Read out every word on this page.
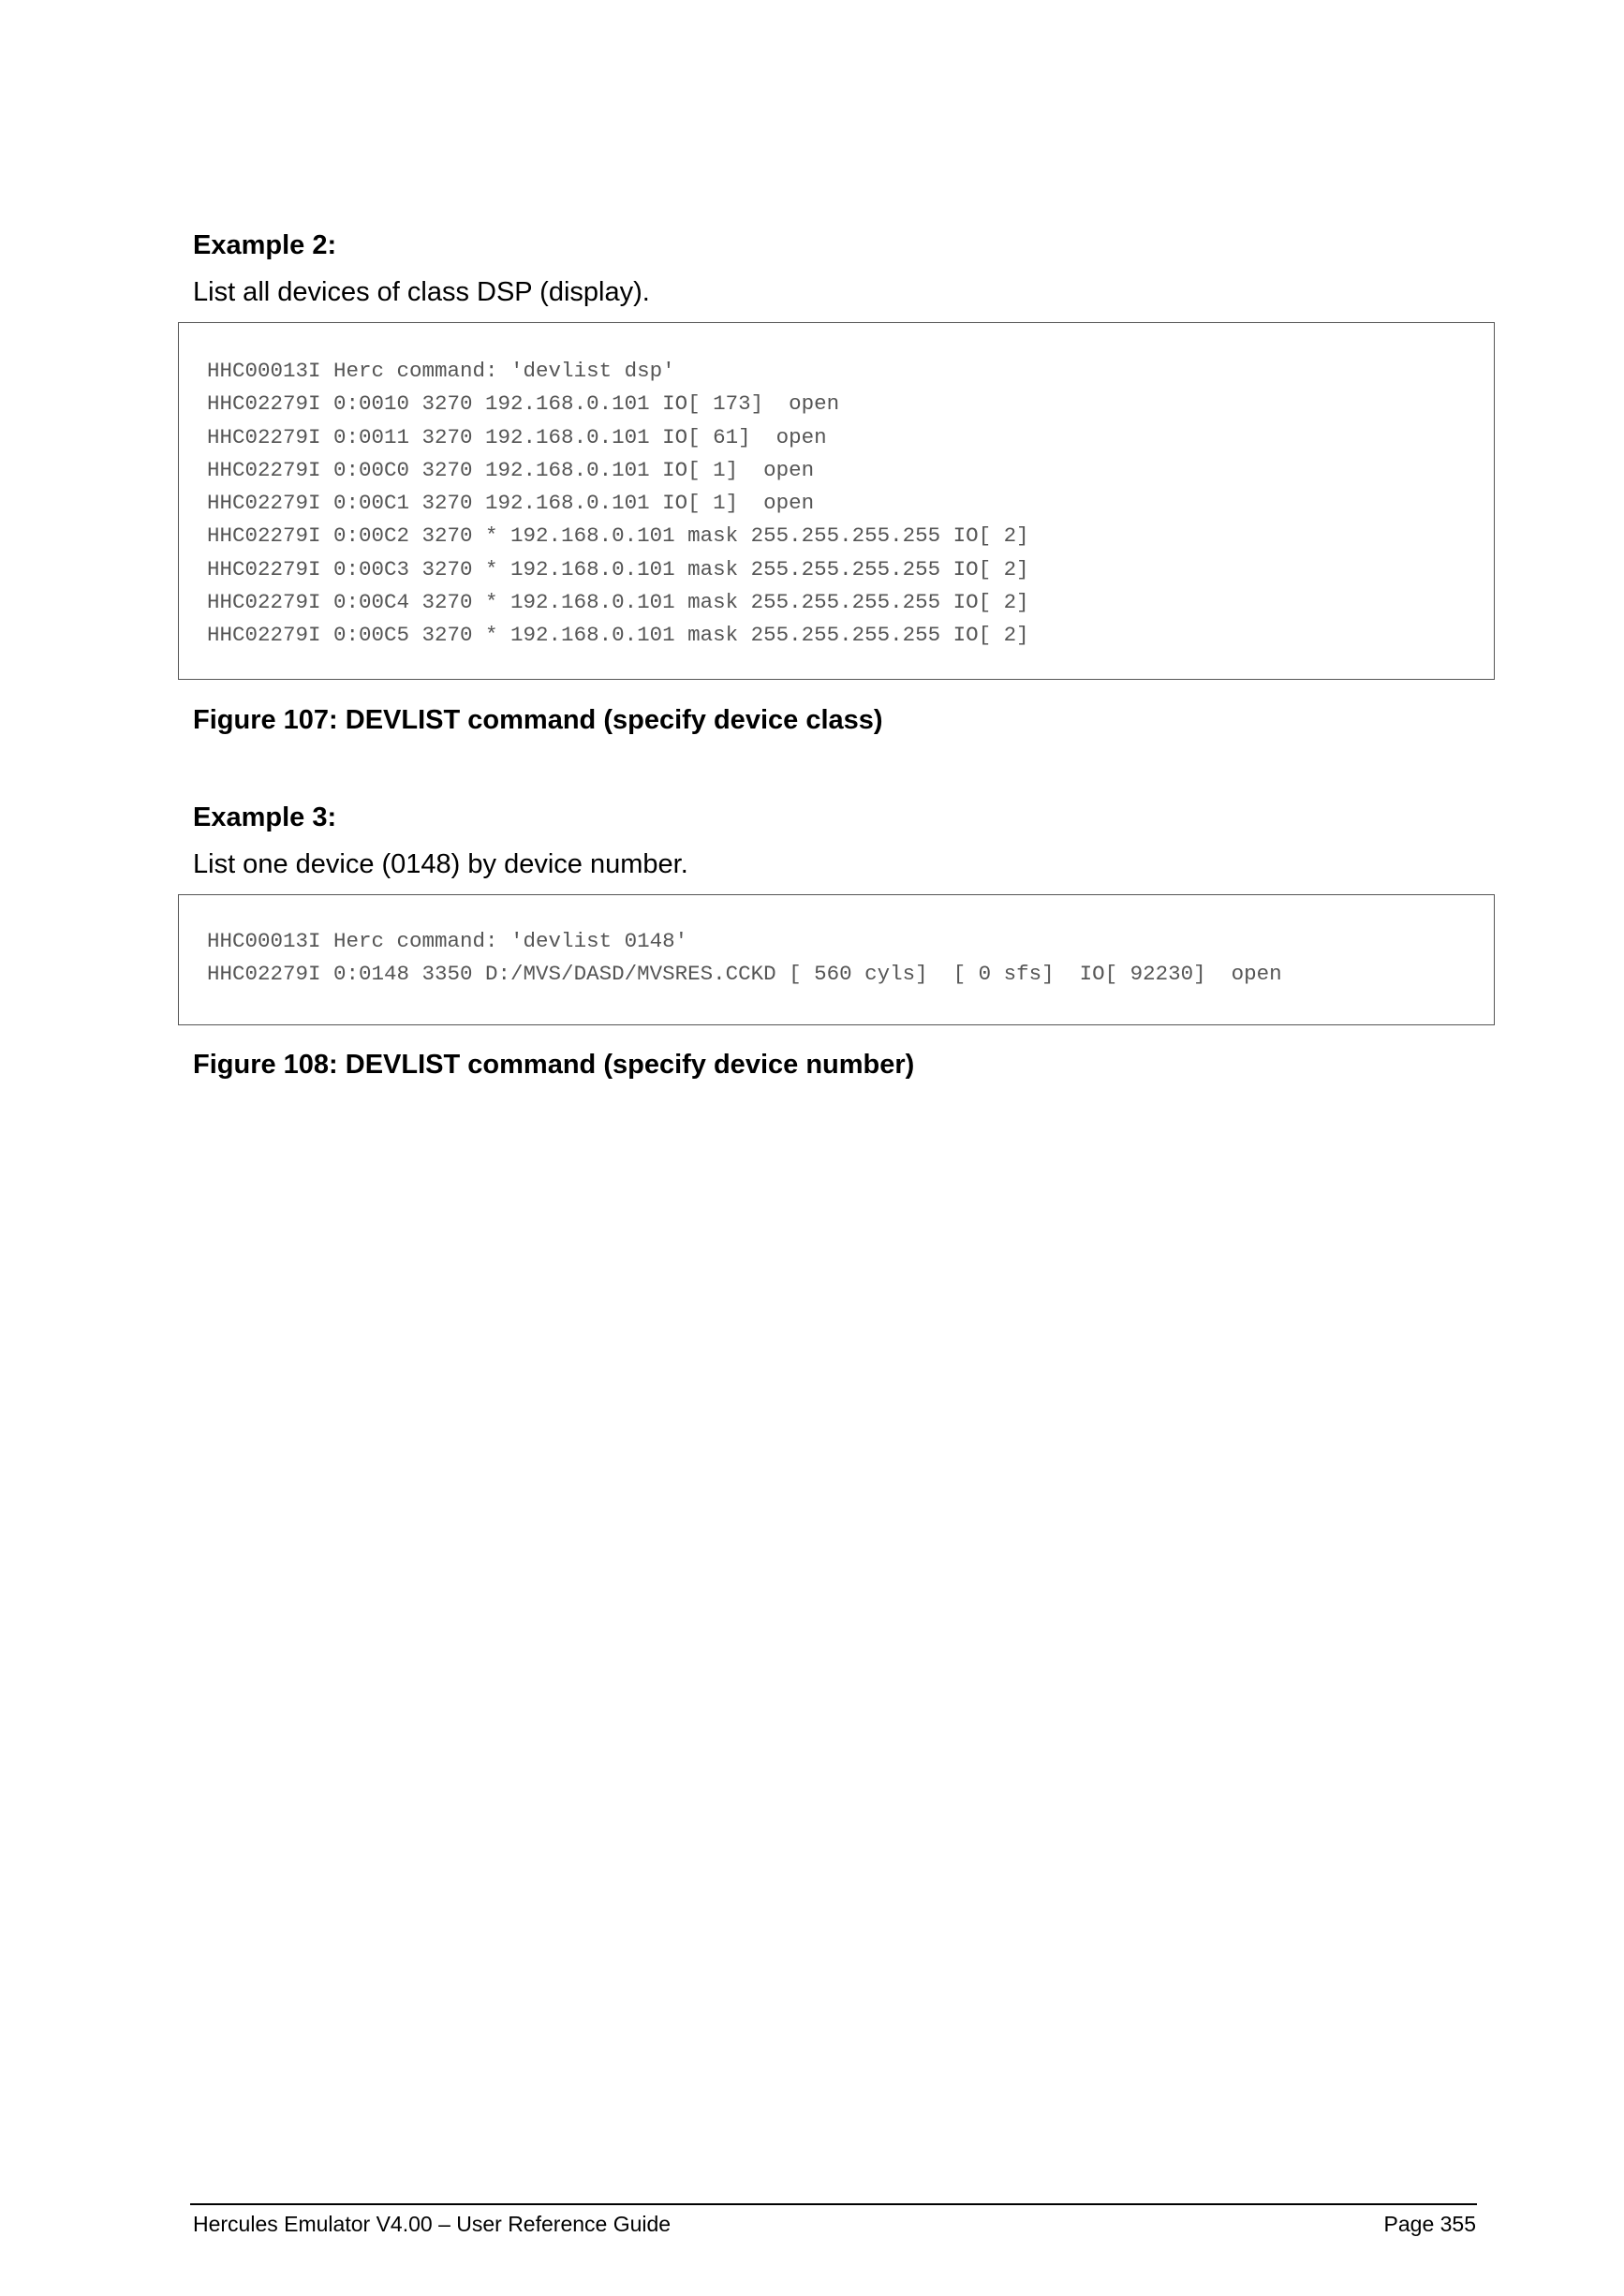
Example 2:
List all devices of class DSP (display).
HHC00013I Herc command: 'devlist dsp'
HHC02279I 0:0010 3270 192.168.0.101 IO[ 173]  open
HHC02279I 0:0011 3270 192.168.0.101 IO[ 61]  open
HHC02279I 0:00C0 3270 192.168.0.101 IO[ 1]  open
HHC02279I 0:00C1 3270 192.168.0.101 IO[ 1]  open
HHC02279I 0:00C2 3270 * 192.168.0.101 mask 255.255.255.255 IO[ 2]
HHC02279I 0:00C3 3270 * 192.168.0.101 mask 255.255.255.255 IO[ 2]
HHC02279I 0:00C4 3270 * 192.168.0.101 mask 255.255.255.255 IO[ 2]
HHC02279I 0:00C5 3270 * 192.168.0.101 mask 255.255.255.255 IO[ 2]
Figure 107: DEVLIST command (specify device class)
Example 3:
List one device (0148) by device number.
HHC00013I Herc command: 'devlist 0148'
HHC02279I 0:0148 3350 D:/MVS/DASD/MVSRES.CCKD [ 560 cyls]  [ 0 sfs]  IO[ 92230]  open
Figure 108: DEVLIST command (specify device number)
Hercules Emulator V4.00 – User Reference Guide	Page 355
